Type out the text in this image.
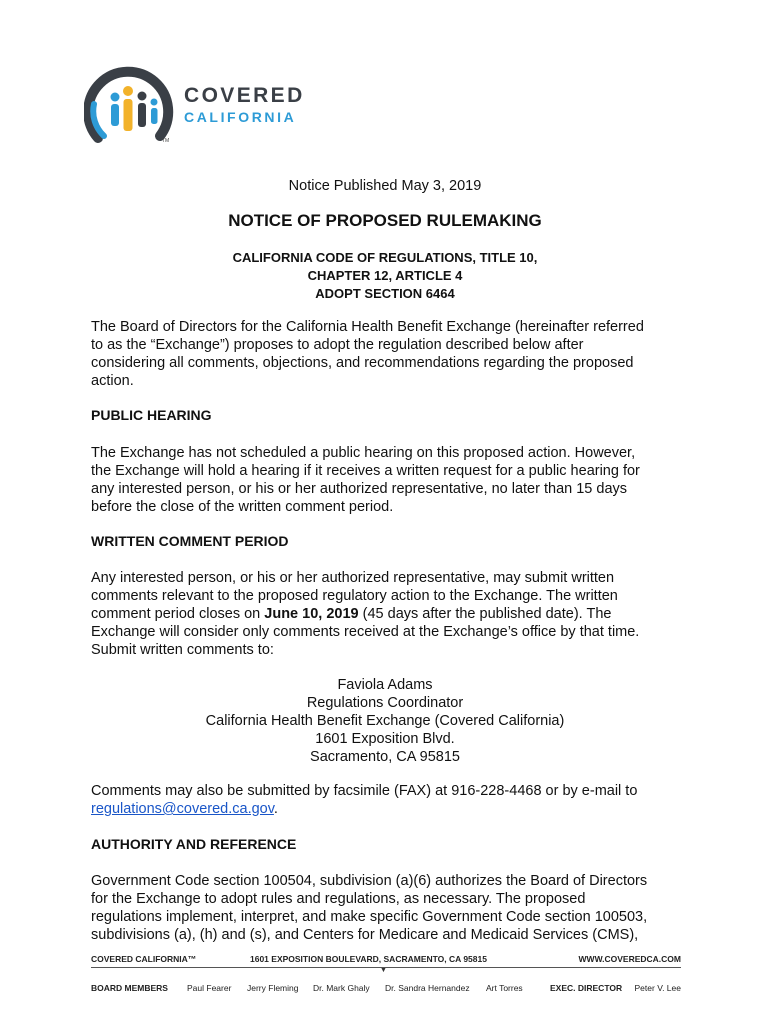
COVERED
CALIFORNIA
TM
Notice Published May 3, 2019
NOTICE OF PROPOSED RULEMAKING
CALIFORNIA CODE OF REGULATIONS, TITLE 10,
CHAPTER 12, ARTICLE 4
ADOPT SECTION 6464

The Board of Directors for the California Health Benefit Exchange (hereinafter referred
to as the “Exchange”) proposes to adopt the regulation described below after
considering all comments, objections, and recommendations regarding the proposed
action.

PUBLIC HEARING

The Exchange has not scheduled a public hearing on this proposed action. However,
the Exchange will hold a hearing if it receives a written request for a public hearing for
any interested person, or his or her authorized representative, no later than 15 days
before the close of the written comment period.

WRITTEN COMMENT PERIOD

Any interested person, or his or her authorized representative, may submit written
comments relevant to the proposed regulatory action to the Exchange. The written
comment period closes on June 10, 2019 (45 days after the published date). The
Exchange will consider only comments received at the Exchange’s office by that time.
Submit written comments to:

Faviola Adams
Regulations Coordinator
California Health Benefit Exchange (Covered California)
1601 Exposition Blvd.
Sacramento, CA 95815

Comments may also be submitted by facsimile (FAX) at 916-228-4468 or by e-mail to
regulations@covered.ca.gov.

AUTHORITY AND REFERENCE

Government Code section 100504, subdivision (a)(6) authorizes the Board of Directors
for the Exchange to adopt rules and regulations, as necessary. The proposed
regulations implement, interpret, and make specific Government Code section 100503,
subdivisions (a), (h) and (s), and Centers for Medicare and Medicaid Services (CMS),

COVERED CALIFORNIA™	1601 EXPOSITION BOULEVARD, SACRAMENTO, CA 95815	WWW.COVEREDCA.COM
▼
BOARD MEMBERS Paul Fearer Jerry Fleming Dr. Mark Ghaly Dr. Sandra Hernandez Art Torres	EXEC. DIRECTOR Peter V. Lee
